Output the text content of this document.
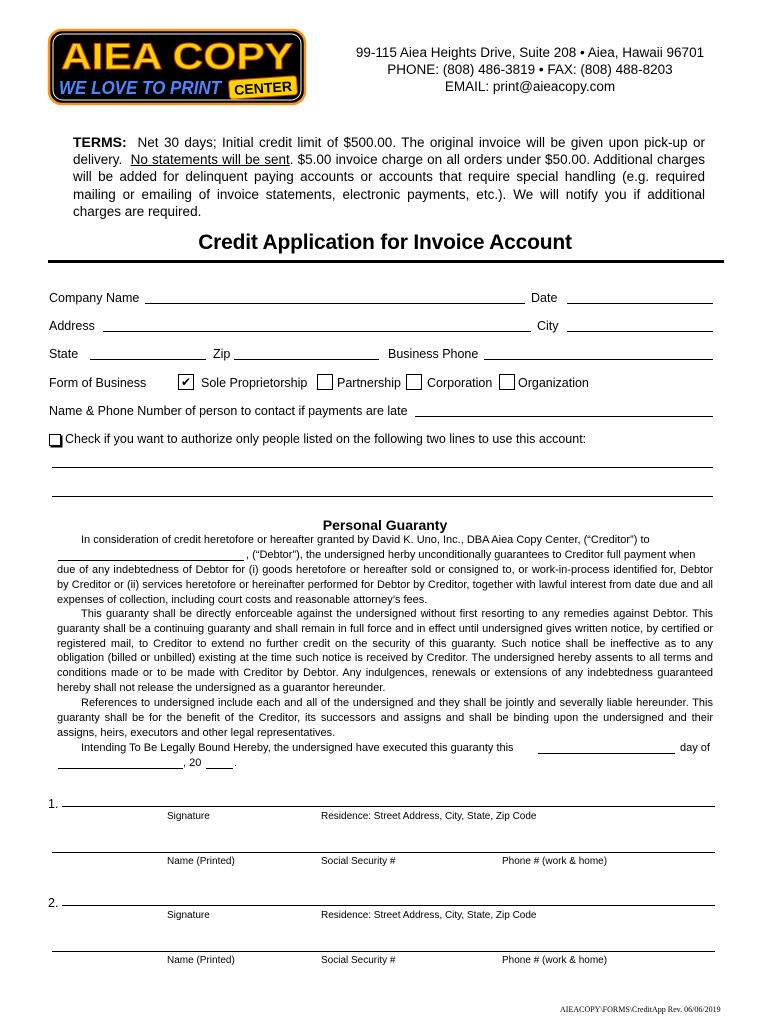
AIEA COPY
WE LOVE TO PRINT CENTER
99-115 Aiea Heights Drive, Suite 208 • Aiea, Hawaii 96701
PHONE: (808) 486-3819 • FAX: (808) 488-8203
EMAIL: print@aieacopy.com
TERMS: Net 30 days; Initial credit limit of $500.00. The original invoice will be given upon pick-up or delivery. No statements will be sent. $5.00 invoice charge on all orders under $50.00. Additional charges will be added for delinquent paying accounts or accounts that require special handling (e.g. required mailing or emailing of invoice statements, electronic payments, etc.). We will notify you if additional charges are required.
Credit Application for Invoice Account
Company Name	Date
Address	City
State	Zip	Business Phone
Form of Business	✔ Sole Proprietorship Partnership Corporation Organization
Name & Phone Number of person to contact if payments are late
Check if you want to authorize only people listed on the following two lines to use this account:
Personal Guaranty
In consideration of credit heretofore or hereafter granted by David K. Uno, Inc., DBA Aiea Copy Center, (“Creditor”) to
, (“Debtor”), the undersigned herby unconditionally guarantees to Creditor full payment when
due of any indebtedness of Debtor for (i) goods heretofore or hereafter sold or consigned to, or work-in-process identified for, Debtor by Creditor or (ii) services heretofore or hereinafter performed for Debtor by Creditor, together with lawful interest from date due and all expenses of collection, including court costs and reasonable attorney’s fees.
This guaranty shall be directly enforceable against the undersigned without first resorting to any remedies against Debtor. This guaranty shall be a continuing guaranty and shall remain in full force and in effect until undersigned gives written notice, by certified or registered mail, to Creditor to extend no further credit on the security of this guaranty. Such notice shall be ineffective as to any obligation (billed or unbilled) existing at the time such notice is received by Creditor. The undersigned hereby assents to all terms and conditions made or to be made with Creditor by Debtor. Any indulgences, renewals or extensions of any indebtedness guaranteed hereby shall not release the undersigned as a guarantor hereunder.
References to undersigned include each and all of the undersigned and they shall be jointly and severally liable hereunder. This guaranty shall be for the benefit of the Creditor, its successors and assigns and shall be binding upon the undersigned and their assigns, heirs, executors and other legal representatives.
Intending To Be Legally Bound Hereby, the undersigned have executed this guaranty this	day of
, 20	.
1.
Signature	Residence: Street Address, City, State, Zip Code
Name (Printed)	Social Security #	Phone # (work & home)
2.
Signature	Residence: Street Address, City, State, Zip Code
Name (Printed)	Social Security #	Phone # (work & home)
AIEACOPY\FORMS\CreditApp Rev. 06/06/2019
